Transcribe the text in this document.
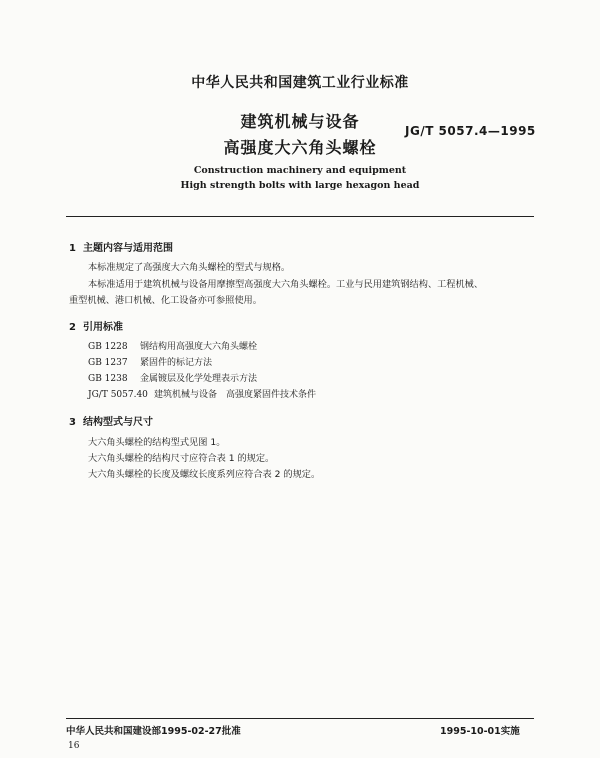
中华人民共和国建筑工业行业标准
建筑机械与设备
高强度大六角头螺栓
JG/T 5057.4—1995
Construction machinery and equipment
High strength bolts with large hexagon head
1 主题内容与适用范围
本标准规定了高强度大六角头螺栓的型式与规格。
本标准适用于建筑机械与设备用摩擦型高强度大六角头螺栓。工业与民用建筑钢结构、工程机械、
重型机械、港口机械、化工设备亦可参照使用。
2 引用标准
GB 1228 钢结构用高强度大六角头螺栓
GB 1237 紧固件的标记方法
GB 1238 金属镀层及化学处理表示方法
JG/T 5057.40 建筑机械与设备　高强度紧固件技术条件
3 结构型式与尺寸
大六角头螺栓的结构型式见图 1。
大六角头螺栓的结构尺寸应符合表 1 的规定。
大六角头螺栓的长度及螺纹长度系列应符合表 2 的规定。
中华人民共和国建设部1995-02-27批准	1995-10-01实施
16
